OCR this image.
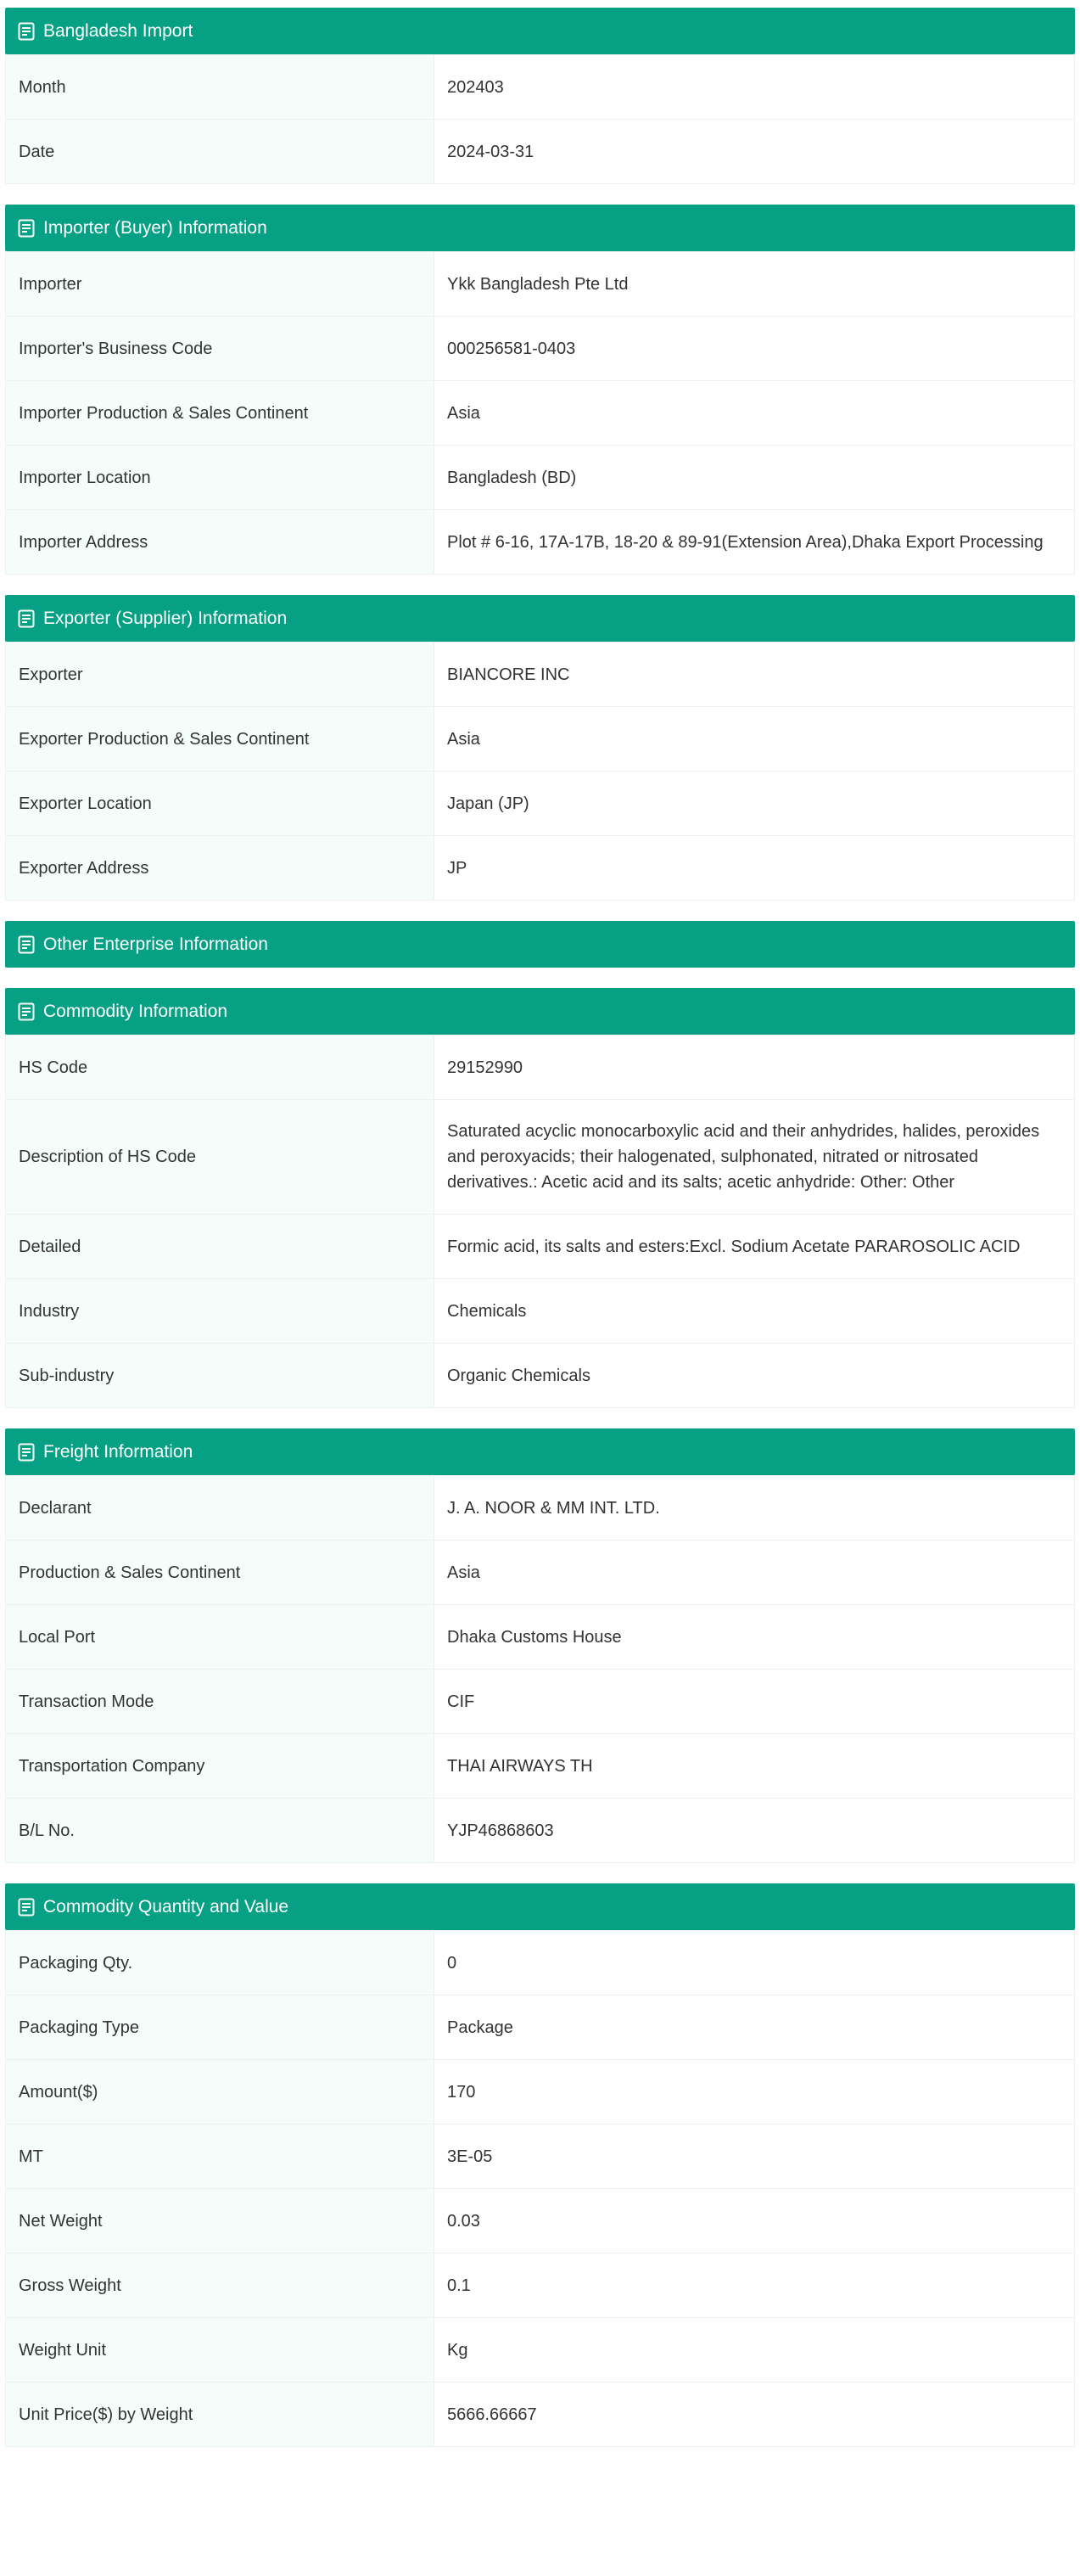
Bangladesh Import
Month	202403
Date	2024-03-31
Importer (Buyer) Information
Importer	Ykk Bangladesh Pte Ltd
Importer's Business Code	000256581-0403
Importer Production & Sales Continent	Asia
Importer Location	Bangladesh (BD)
Importer Address	Plot # 6-16, 17A-17B, 18-20 & 89-91(Extension Area),Dhaka Export Processing
Exporter (Supplier) Information
Exporter	BIANCORE INC
Exporter Production & Sales Continent	Asia
Exporter Location	Japan (JP)
Exporter Address	JP
Other Enterprise Information
Commodity Information
HS Code	29152990
Description of HS Code	Saturated acyclic monocarboxylic acid and their anhydrides, halides, peroxides and peroxyacids; their halogenated, sulphonated, nitrated or nitrosated derivatives.: Acetic acid and its salts; acetic anhydride: Other: Other
Detailed	Formic acid, its salts and esters:Excl. Sodium Acetate PARAROSOLIC ACID
Industry	Chemicals
Sub-industry	Organic Chemicals
Freight Information
Declarant	J. A. NOOR & MM INT. LTD.
Production & Sales Continent	Asia
Local Port	Dhaka Customs House
Transaction Mode	CIF
Transportation Company	THAI AIRWAYS TH
B/L No.	YJP46868603
Commodity Quantity and Value
Packaging Qty.	0
Packaging Type	Package
Amount($)	170
MT	3E-05
Net Weight	0.03
Gross Weight	0.1
Weight Unit	Kg
Unit Price($) by Weight	5666.66667
